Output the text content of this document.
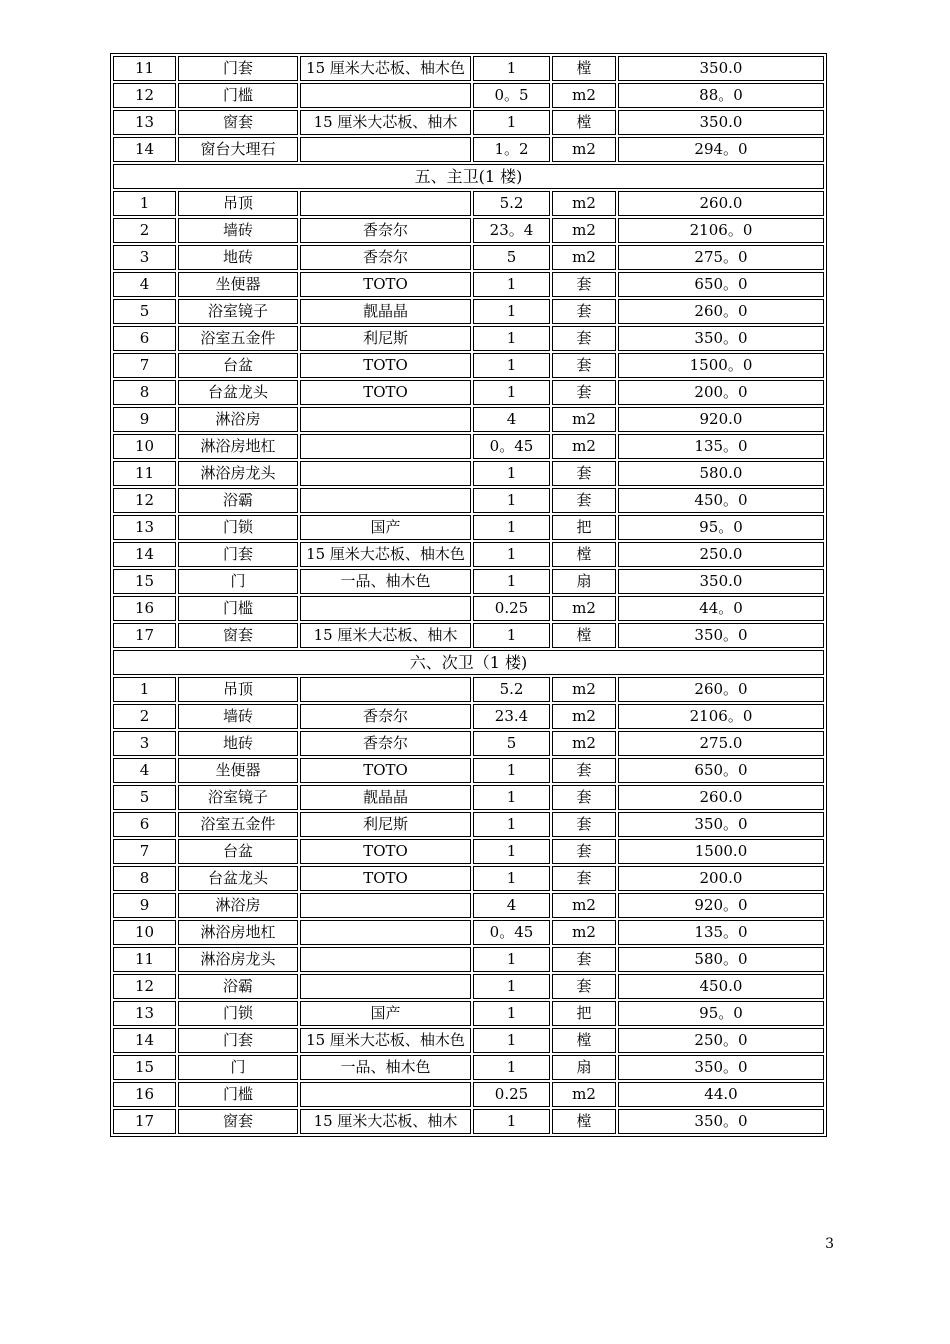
11	门套	15 厘米大芯板、柚木色	1	樘	350.0
12	门槛		0。5	m2	88。0
13	窗套	15 厘米大芯板、柚木	1	樘	350.0
14	窗台大理石		1。2	m2	294。0
五、主卫(1 楼)					
1	吊顶		5.2	m2	260.0
2	墙砖	香奈尔	23。4	m2	2106。0
3	地砖	香奈尔	5	m2	275。0
4	坐便器	TOTO	1	套	650。0
5	浴室镜子	靓晶晶	1	套	260。0
6	浴室五金件	利尼斯	1	套	350。0
7	台盆	TOTO	1	套	1500。0
8	台盆龙头	TOTO	1	套	200。0
9	淋浴房		4	m2	920.0
10	淋浴房地杠		0。45	m2	135。0
11	淋浴房龙头		1	套	580.0
12	浴霸		1	套	450。0
13	门锁	国产	1	把	95。0
14	门套	15 厘米大芯板、柚木色	1	樘	250.0
15	门	一品、柚木色	1	扇	350.0
16	门槛		0.25	m2	44。0
17	窗套	15 厘米大芯板、柚木	1	樘	350。0
六、次卫（1 楼)					
1	吊顶		5.2	m2	260。0
2	墙砖	香奈尔	23.4	m2	2106。0
3	地砖	香奈尔	5	m2	275.0
4	坐便器	TOTO	1	套	650。0
5	浴室镜子	靓晶晶	1	套	260.0
6	浴室五金件	利尼斯	1	套	350。0
7	台盆	TOTO	1	套	1500.0
8	台盆龙头	TOTO	1	套	200.0
9	淋浴房		4	m2	920。0
10	淋浴房地杠		0。45	m2	135。0
11	淋浴房龙头		1	套	580。0
12	浴霸		1	套	450.0
13	门锁	国产	1	把	95。0
14	门套	15 厘米大芯板、柚木色	1	樘	250。0
15	门	一品、柚木色	1	扇	350。0
16	门槛		0.25	m2	44.0
17	窗套	15 厘米大芯板、柚木	1	樘	350。0
3
